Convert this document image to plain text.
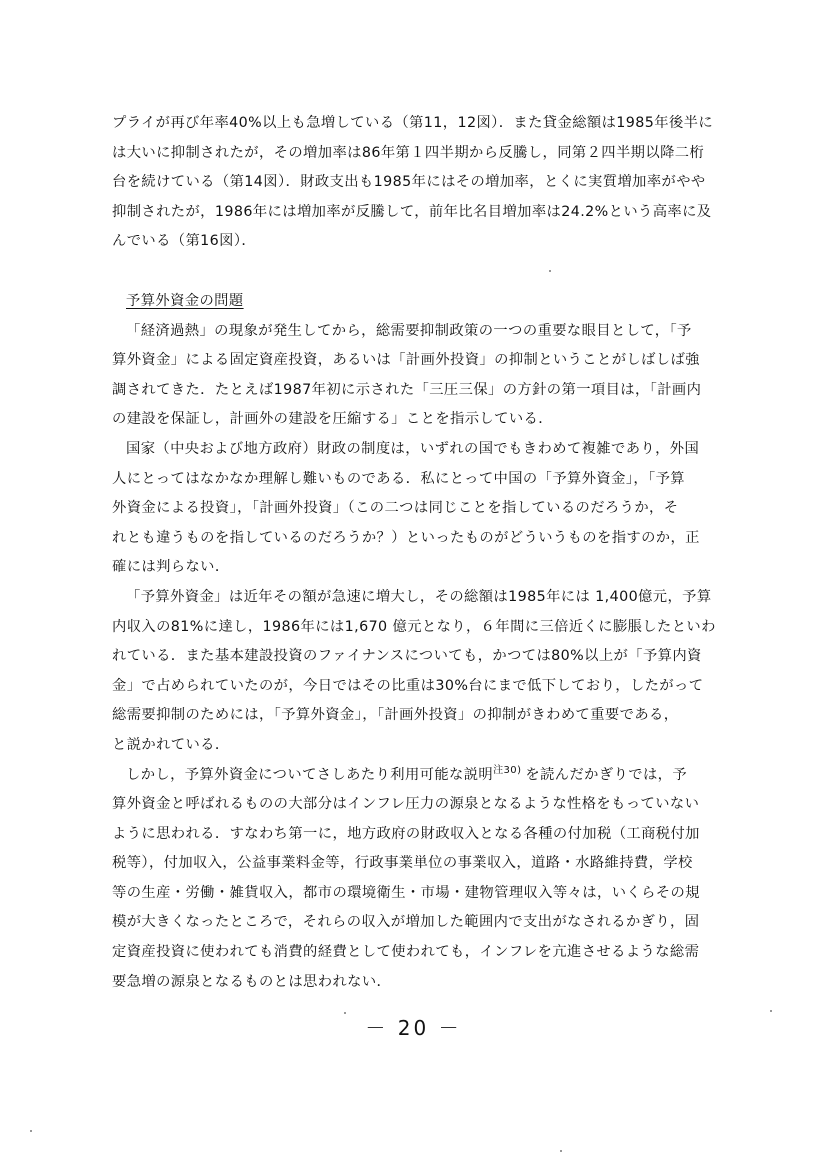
プライが再び年率40%以上も急増している（第11，12図）．また貸金総額は1985年後半に
は大いに抑制されたが，その増加率は86年第１四半期から反騰し，同第２四半期以降二桁
台を続けている（第14図）．財政支出も1985年にはその増加率，とくに実質増加率がやや
抑制されたが，1986年には増加率が反騰して，前年比名目増加率は24.2%という高率に及
んでいる（第16図）．
予算外資金の問題
「経済過熱」の現象が発生してから，総需要抑制政策の一つの重要な眼目として，「予
算外資金」による固定資産投資，あるいは「計画外投資」の抑制ということがしばしば強
調されてきた．たとえば1987年初に示された「三圧三保」の方針の第一項目は，「計画内
の建設を保証し，計画外の建設を圧縮する」ことを指示している．
国家（中央および地方政府）財政の制度は，いずれの国でもきわめて複雑であり，外国
人にとってはなかなか理解し難いものである．私にとって中国の「予算外資金」，「予算
外資金による投資」，「計画外投資」（この二つは同じことを指しているのだろうか，そ
れとも違うものを指しているのだろうか？）といったものがどういうものを指すのか，正
確には判らない．
「予算外資金」は近年その額が急速に増大し，その総額は1985年には 1,400億元，予算
内収入の81%に達し，1986年には1,670 億元となり，６年間に三倍近くに膨脹したといわ
れている．また基本建設投資のファイナンスについても，かつては80%以上が「予算内資
金」で占められていたのが，今日ではその比重は30%台にまで低下しており，したがって
総需要抑制のためには，「予算外資金」，「計画外投資」の抑制がきわめて重要である，
と説かれている．
しかし，予算外資金についてさしあたり利用可能な説明$^{注30)}$ を読んだかぎりでは，予
算外資金と呼ばれるものの大部分はインフレ圧力の源泉となるような性格をもっていない
ように思われる．すなわち第一に，地方政府の財政収入となる各種の付加税（工商税付加
税等），付加収入，公益事業料金等，行政事業単位の事業収入，道路・水路維持費，学校
等の生産・労働・雑貨収入，都市の環境衛生・市場・建物管理収入等々は，いくらその規
模が大きくなったところで，それらの収入が増加した範囲内で支出がなされるかぎり，固
定資産投資に使われても消費的経費として使われても，インフレを亢進させるような総需
要急増の源泉となるものとは思われない．
－ 20 －
